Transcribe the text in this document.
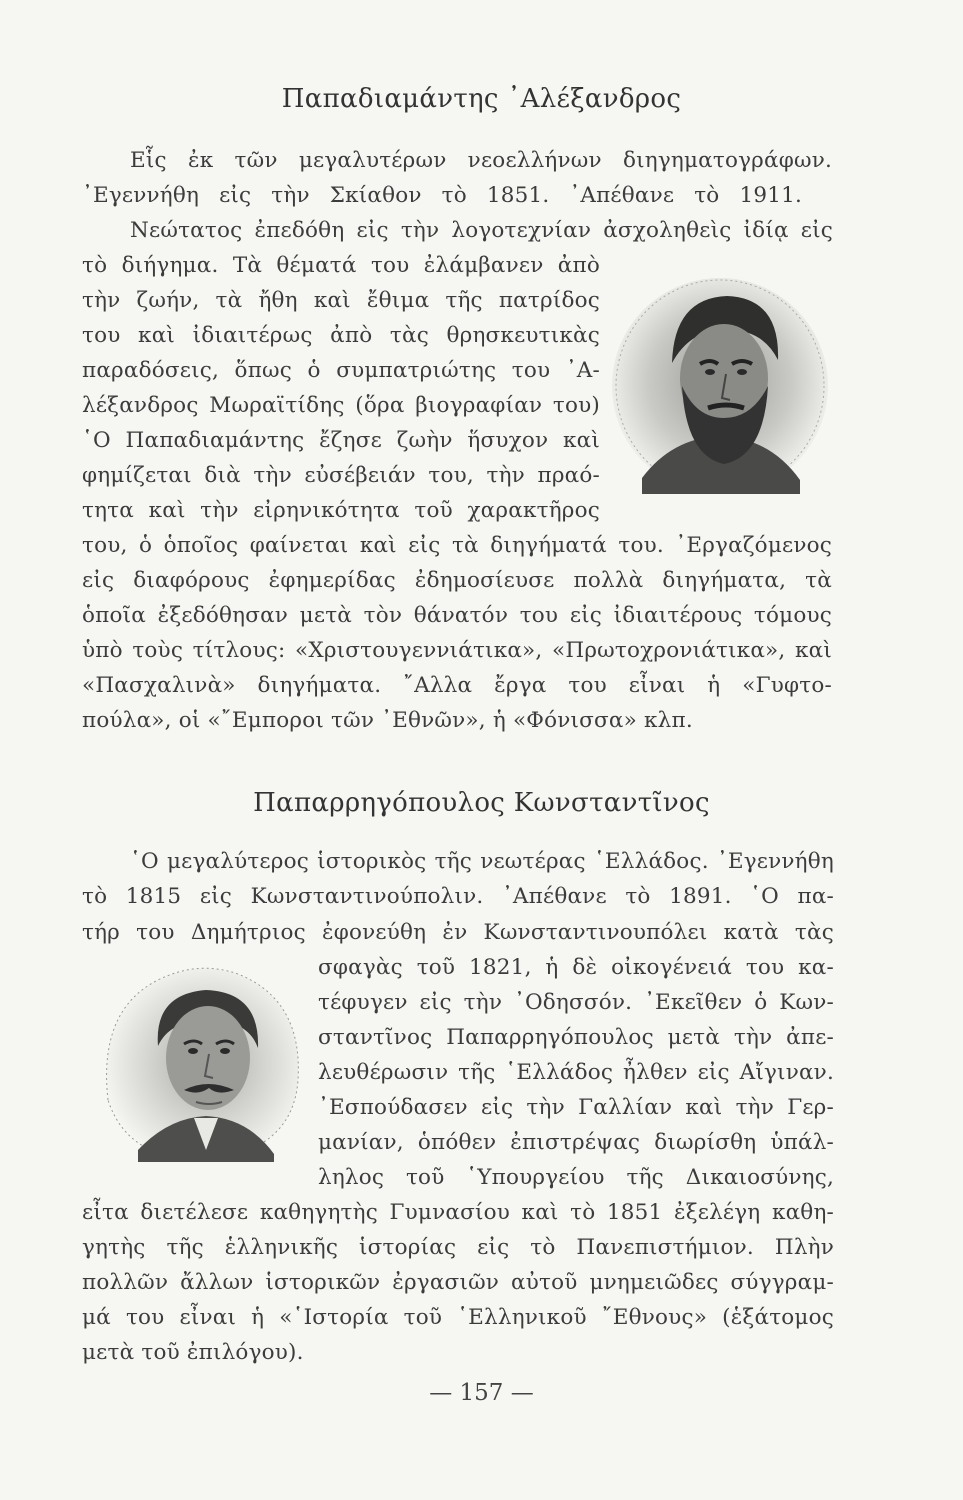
Παπαδιαμάντης ᾽Αλέξανδρος
Εἷς ἐκ τῶν μεγαλυτέρων νεοελλήνων διηγηματογράφων.
᾽Εγεννήθη εἰς τὴν Σκίαθον τὸ 1851. ᾽Απέθανε τὸ 1911.
Νεώτατος ἐπεδόθη εἰς τὴν λογοτεχνίαν ἀσχοληθεὶς ἰδίᾳ εἰς
τὸ διήγημα. Τὰ θέματά του ἐλάμβανεν ἀπὸ
τὴν ζωήν, τὰ ἤθη καὶ ἔθιμα τῆς πατρίδος
του καὶ ἰδιαιτέρως ἀπὸ τὰς θρησκευτικὰς
παραδόσεις, ὅπως ὁ συμπατριώτης του ᾽Α-
λέξανδρος Μωραϊτίδης (ὅρα βιογραφίαν του)
῾Ο Παπαδιαμάντης ἔζησε ζωὴν ἥσυχον καὶ
φημίζεται διὰ τὴν εὐσέβειάν του, τὴν πραό-
τητα καὶ τὴν εἰρηνικότητα τοῦ χαρακτῆρος
του, ὁ ὁποῖος φαίνεται καὶ εἰς τὰ διηγήματά του. ᾽Εργαζόμενος
εἰς διαφόρους ἐφημερίδας ἐδημοσίευσε πολλὰ διηγήματα, τὰ
ὁποῖα ἐξεδόθησαν μετὰ τὸν θάνατόν του εἰς ἰδιαιτέρους τόμους
ὑπὸ τοὺς τίτλους: «Χριστουγεννιάτικα», «Πρωτοχρονιάτικα», καὶ
«Πασχαλινὰ» διηγήματα. ῎Αλλα ἔργα του εἶναι ἡ «Γυφτο-
πούλα», οἱ «῎Εμποροι τῶν ᾽Εθνῶν», ἡ «Φόνισσα» κλπ.
Παπαρρηγόπουλος Κωνσταντῖνος
῾Ο μεγαλύτερος ἱστορικὸς τῆς νεωτέρας ῾Ελλάδος. ᾽Εγεννήθη
τὸ 1815 εἰς Κωνσταντινούπολιν. ᾽Απέθανε τὸ 1891. ῾Ο πα-
τήρ του Δημήτριος ἐφονεύθη ἐν Κωνσταντινουπόλει κατὰ τὰς
σφαγὰς τοῦ 1821, ἡ δὲ οἰκογένειά του κα-
τέφυγεν εἰς τὴν ᾽Οδησσόν. ᾽Εκεῖθεν ὁ Κων-
σταντῖνος Παπαρρηγόπουλος μετὰ τὴν ἀπε-
λευθέρωσιν τῆς ῾Ελλάδος ἦλθεν εἰς Αἴγιναν.
᾽Εσπούδασεν εἰς τὴν Γαλλίαν καὶ τὴν Γερ-
μανίαν, ὁπόθεν ἐπιστρέψας διωρίσθη ὑπάλ-
ληλος τοῦ ῾Υπουργείου τῆς Δικαιοσύνης,
εἶτα διετέλεσε καθηγητὴς Γυμνασίου καὶ τὸ 1851 ἐξελέγη καθη-
γητὴς τῆς ἑλληνικῆς ἱστορίας εἰς τὸ Πανεπιστήμιον. Πλὴν
πολλῶν ἄλλων ἱστορικῶν ἐργασιῶν αὐτοῦ μνημειῶδες σύγγραμ-
μά του εἶναι ἡ «῾Ιστορία τοῦ ῾Ελληνικοῦ ῎Εθνους» (ἑξάτομος
μετὰ τοῦ ἐπιλόγου).
— 157 —
